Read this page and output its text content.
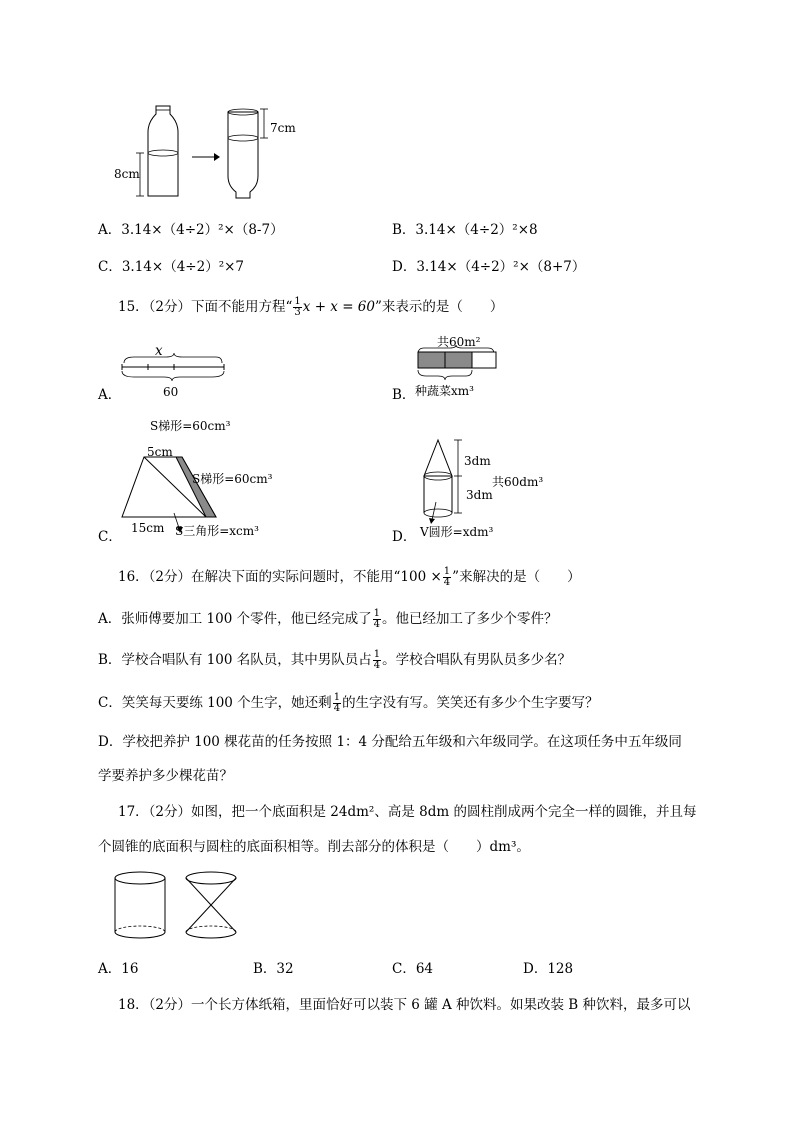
8cm
7cm
A．3.14×（4÷2）²×（8-7）	B．3.14×（4÷2）²×8
C．3.14×（4÷2）²×7	D．3.14×（4÷2）²×（8+7）
15．（2分）下面不能用方程“ $\frac{1}{3}$ x + x = 60”来表示的是（　　）
A．
x
60	B．
共60m²
种蔬菜xm³
C．
S梯形=60cm³
5cm
S梯形=60cm³
15cm S三角形=xcm³	D．
3dm
3dm
共60dm³
V圆形=xdm³
16．（2分）在解决下面的实际问题时，不能用“$100 \times \frac{1}{4}$ ”来解决的是（　　）
A．张师傅要加工 100 个零件，他已经完成了 $\frac{1}{4}$ 。他已经加工了多少个零件？
B．学校合唱队有 100 名队员，其中男队员占 $\frac{1}{4}$ 。学校合唱队有男队员多少名？
C．笑笑每天要练 100 个生字，她还剩 $\frac{1}{4}$ 的生字没有写。笑笑还有多少个生字要写？
D．学校把养护 100 棵花苗的任务按照 1：4 分配给五年级和六年级同学。在这项任务中五年级同
学要养护多少棵花苗？
17．（2分）如图，把一个底面积是 24dm²、高是 8dm 的圆柱削成两个完全一样的圆锥，并且每
个圆锥的底面积与圆柱的底面积相等。削去部分的体积是（　　）dm³。
A．16	B．32	C．64	D．128
18．（2分）一个长方体纸箱，里面恰好可以装下 6 罐 A 种饮料。如果改装 B 种饮料，最多可以
